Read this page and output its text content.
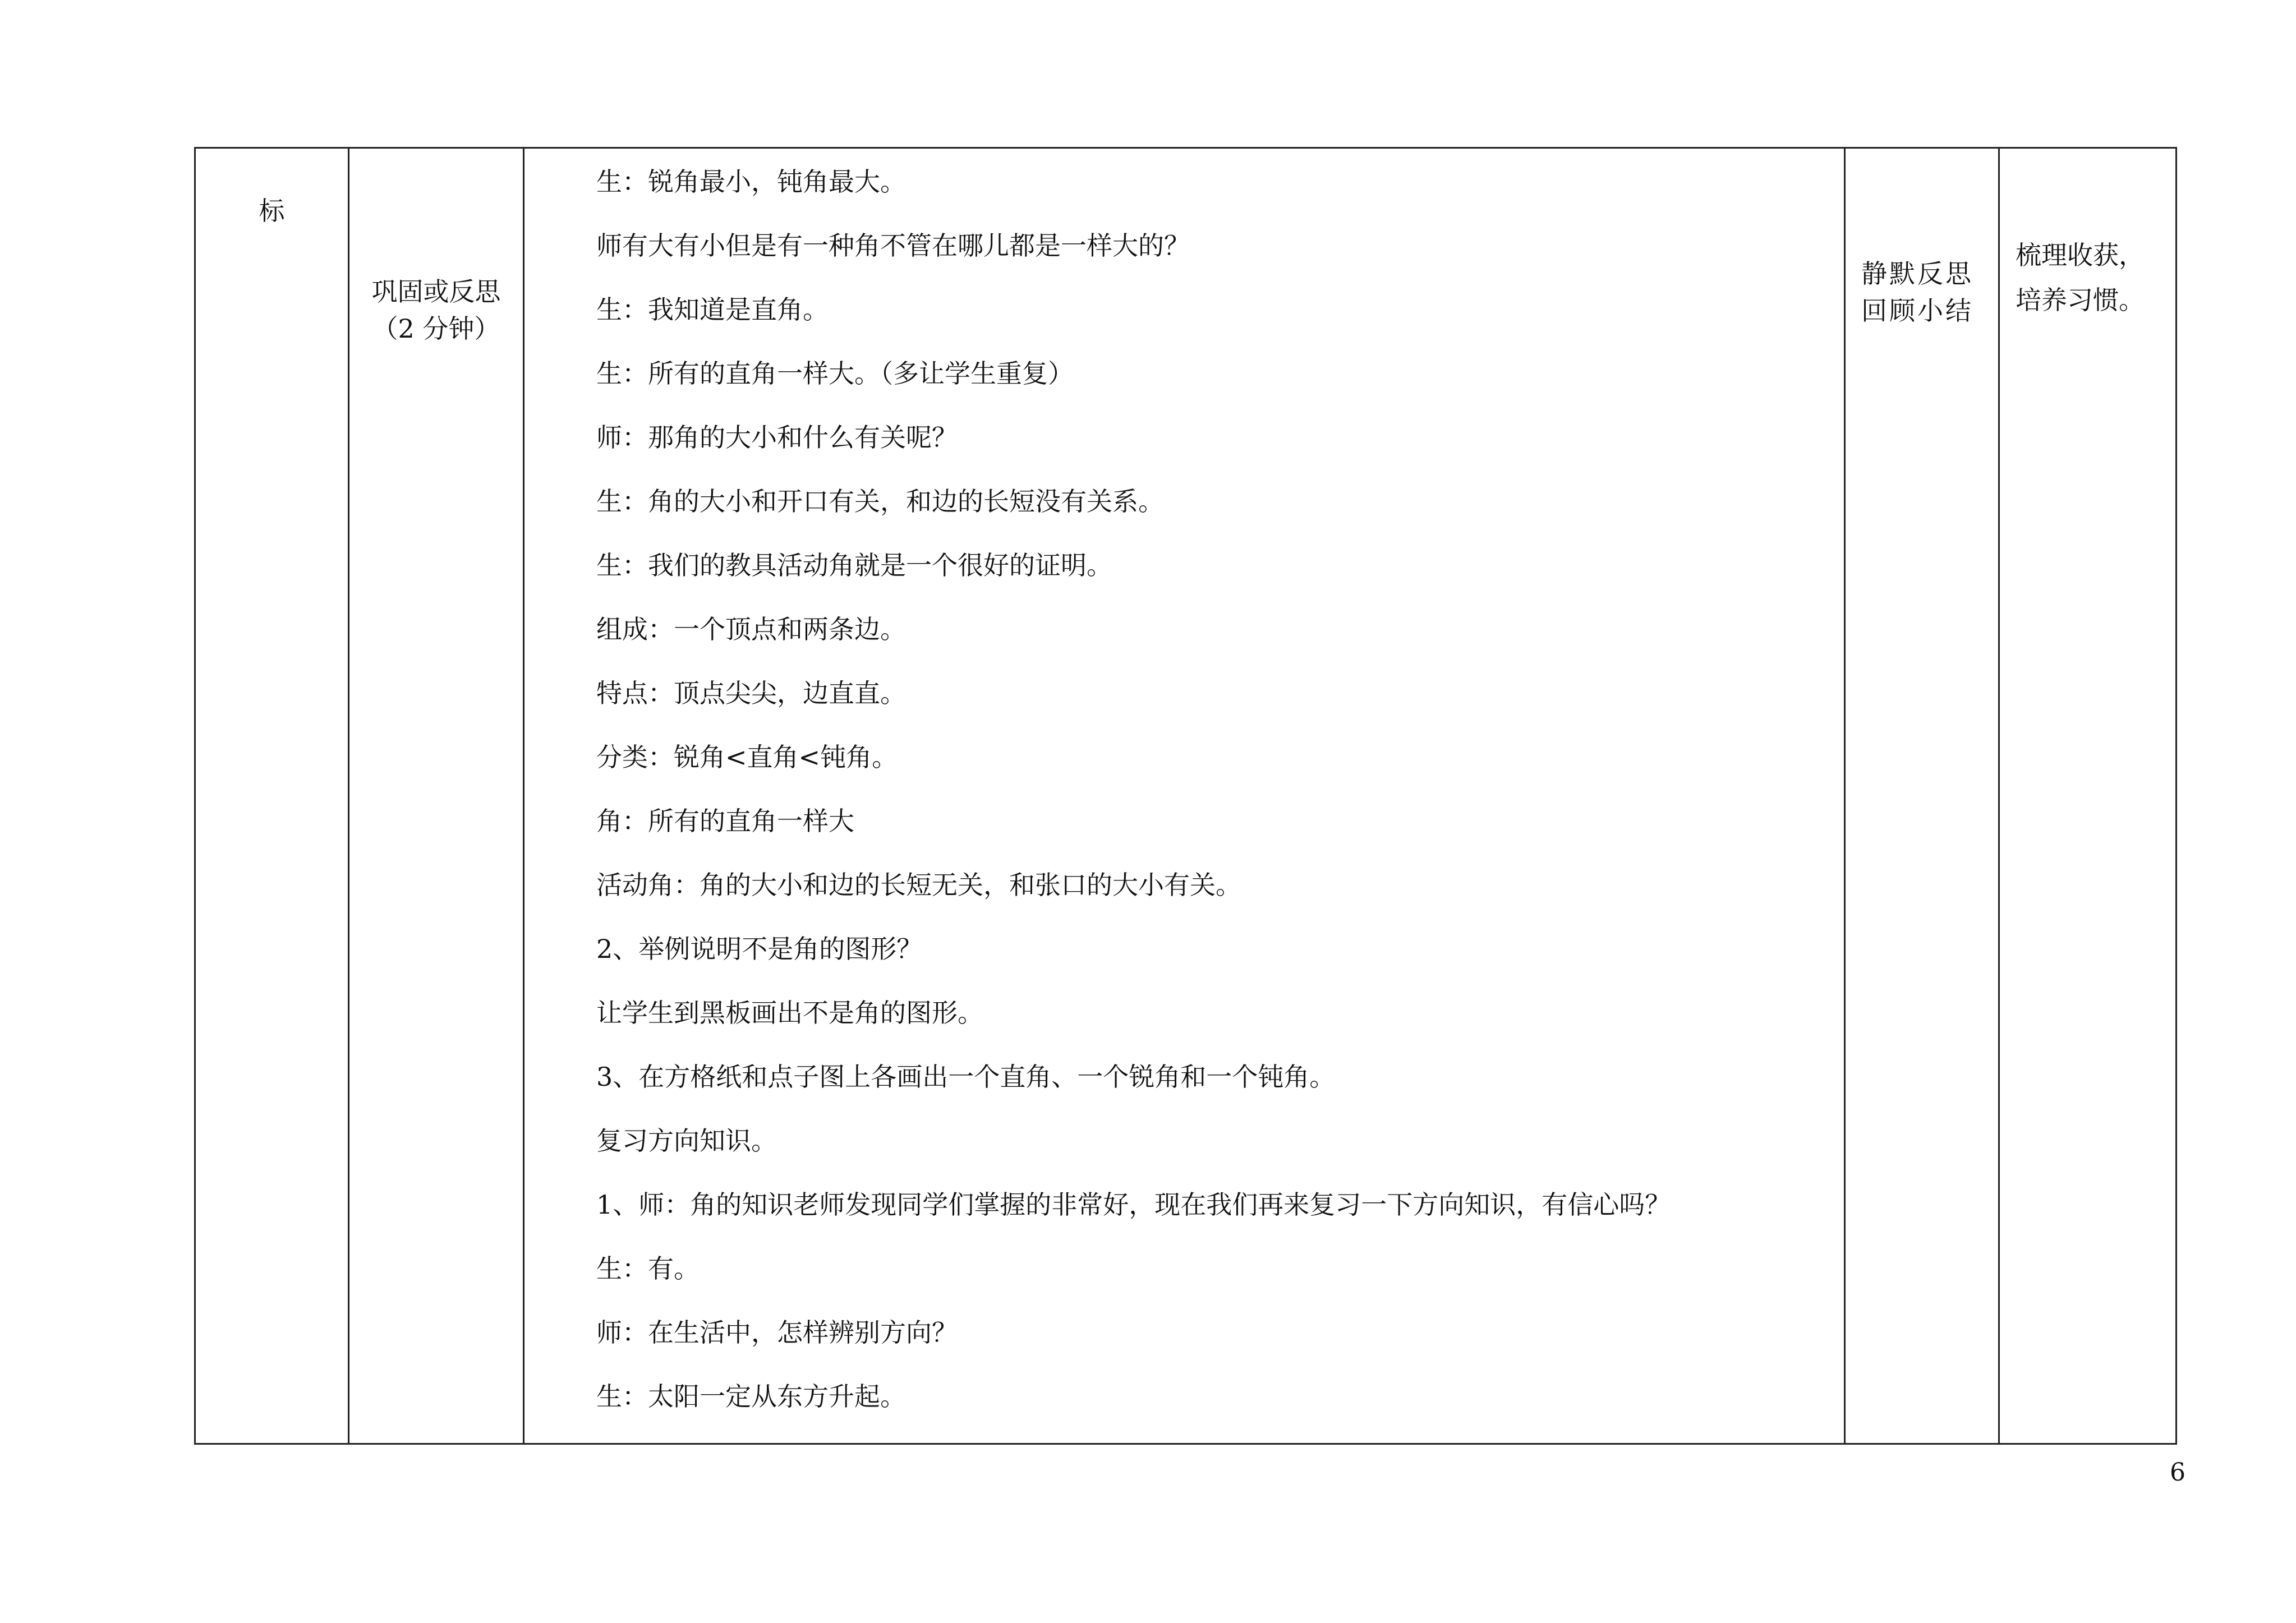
标

巩固或反思
（2 分钟）

生：锐角最小，钝角最大。
师有大有小但是有一种角不管在哪儿都是一样大的？
生：我知道是直角。
生：所有的直角一样大。（多让学生重复）
师：那角的大小和什么有关呢？
生：角的大小和开口有关，和边的长短没有关系。
生：我们的教具活动角就是一个很好的证明。
组成：一个顶点和两条边。
特点：顶点尖尖，边直直。
分类：锐角<直角<钝角。
角：所有的直角一样大
活动角：角的大小和边的长短无关，和张口的大小有关。
2、举例说明不是角的图形？
让学生到黑板画出不是角的图形。
3、在方格纸和点子图上各画出一个直角、一个锐角和一个钝角。
复习方向知识。
1、师：角的知识老师发现同学们掌握的非常好，现在我们再来复习一下方向知识，有信心吗？
生：有。
师：在生活中，怎样辨别方向？
生：太阳一定从东方升起。

静默反思
回顾小结

梳理收获，
培养习惯。
6
